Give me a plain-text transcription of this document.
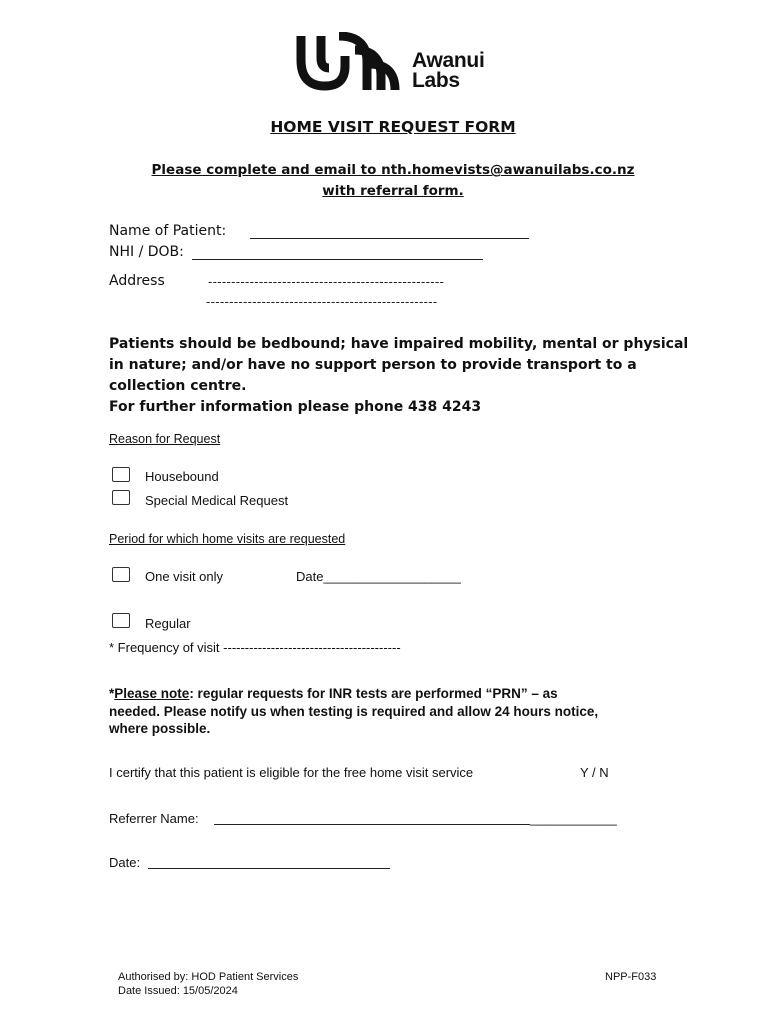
Awanui
Labs
HOME VISIT REQUEST FORM
Please complete and email to nth.homevists@awanuilabs.co.nz
with referral form.
Name of Patient:
NHI / DOB:
Address	---------------------------------------------------
--------------------------------------------------
Patients should be bedbound; have impaired mobility, mental or physical
in nature; and/or have no support person to provide transport to a
collection centre.
For further information please phone 438 4243
Reason for Request
Housebound
Special Medical Request
Period for which home visits are requested
One visit only	Date___________________
Regular
* Frequency of visit -----------------------------------------
*Please note: regular requests for INR tests are performed “PRN” – as
needed. Please notify us when testing is required and allow 24 hours notice,
where possible.
I certify that this patient is eligible for the free home visit service	Y / N
Referrer Name:	____________
Date:
Authorised by: HOD Patient Services
Date Issued: 15/05/2024
NPP-F033
